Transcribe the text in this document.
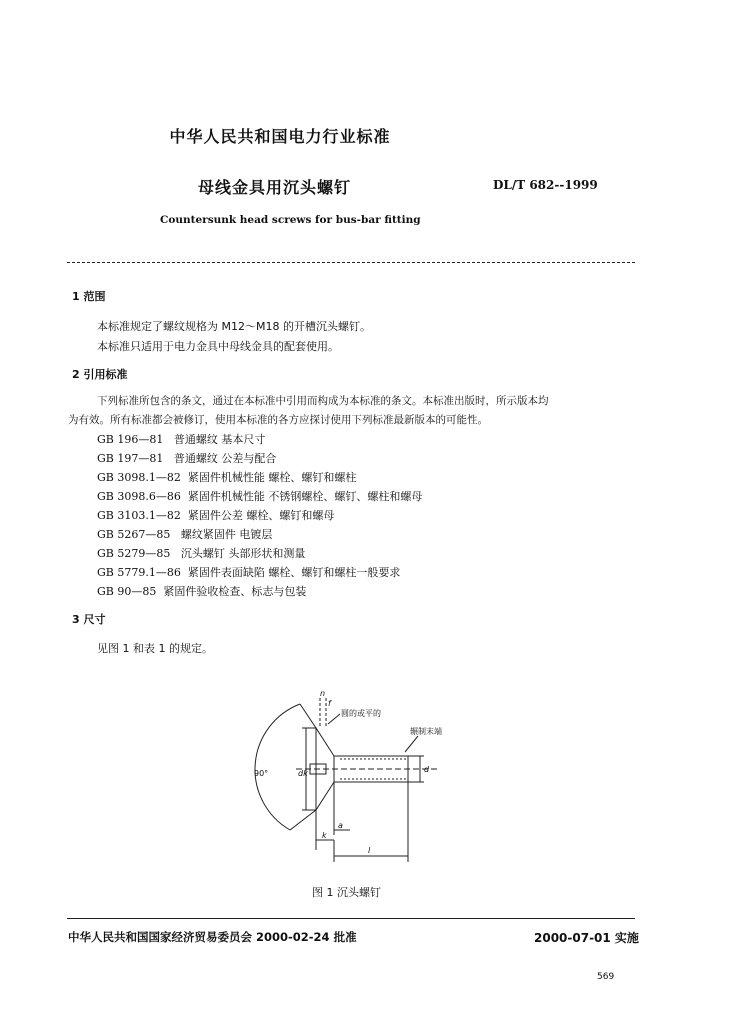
中华人民共和国电力行业标准
母线金具用沉头螺钉	DL/T 682--1999
Countersunk head screws for bus-bar fitting
1 范围
本标准规定了螺纹规格为 M12～M18 的开槽沉头螺钉。
本标准只适用于电力金具中母线金具的配套使用。
2 引用标准
下列标准所包含的条文，通过在本标准中引用而构成为本标准的条文。本标准出版时，所示版本均
为有效。所有标准都会被修订，使用本标准的各方应探讨使用下列标准最新版本的可能性。
GB 196—81 普通螺纹 基本尺寸
GB 197—81 普通螺纹 公差与配合
GB 3098.1—82 紧固件机械性能 螺栓、螺钉和螺柱
GB 3098.6—86 紧固件机械性能 不锈钢螺栓、螺钉、螺柱和螺母
GB 3103.1—82 紧固件公差 螺栓、螺钉和螺母
GB 5267—85 螺纹紧固件 电镀层
GB 5279—85 沉头螺钉 头部形状和测量
GB 5779.1—86 紧固件表面缺陷 螺栓、螺钉和螺柱一般要求
GB 90—85 紧固件验收检查、标志与包装
3 尺寸
见图 1 和表 1 的规定。
圆的或平的
辗制末端
90°
n
f
dk	d
a
k
l
图 1 沉头螺钉
中华人民共和国国家经济贸易委员会 2000-02-24 批准	2000-07-01 实施
569
